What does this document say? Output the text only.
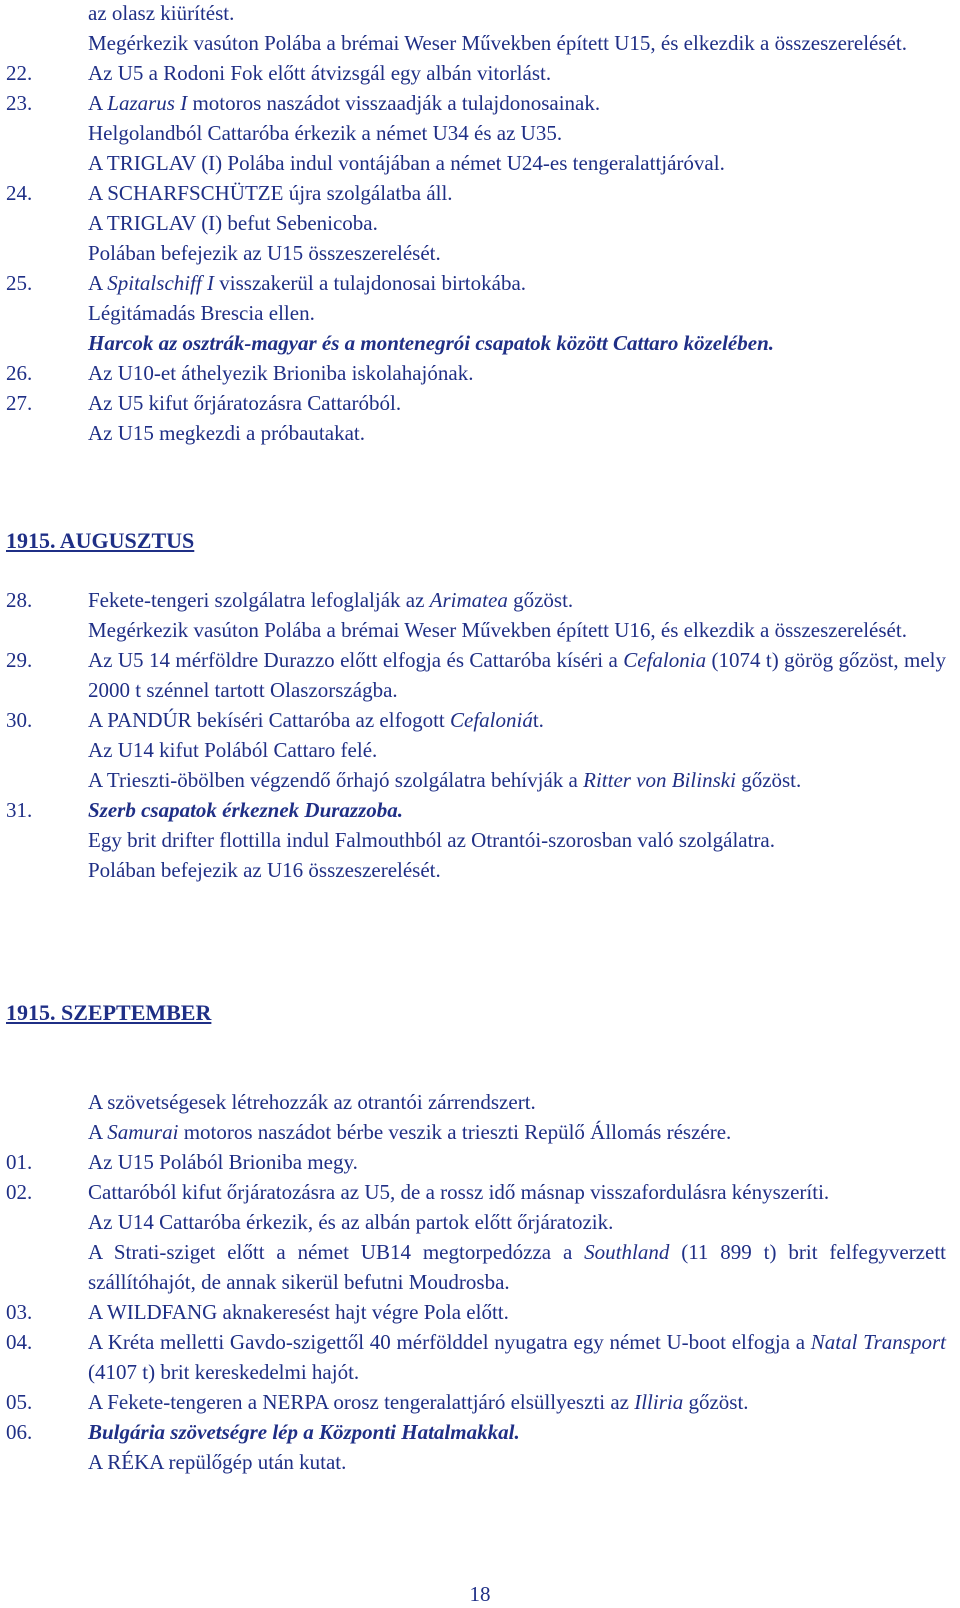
az olasz kiürítést.
Megérkezik vasúton Polába a brémai Weser Művekben épített U15, és elkezdik a összeszerelését.
22.	Az U5 a Rodoni Fok előtt átvizsgál egy albán vitorlást.
23.	A Lazarus I motoros naszádot visszaadják a tulajdonosainak.
Helgolandból Cattaróba érkezik a német U34 és az U35.
A TRIGLAV (I) Polába indul vontájában a német U24-es tengeralattjáróval.
24.	A SCHARFSCHÜTZE újra szolgálatba áll.
A TRIGLAV (I) befut Sebenicoba.
Polában befejezik az U15 összeszerelését.
25.	A Spitalschiff I visszakerül a tulajdonosai birtokába.
Légitámadás Brescia ellen.
Harcok az osztrák-magyar és a montenegrói csapatok között Cattaro közelében.
26.	Az U10-et áthelyezik Brioniba iskolahajónak.
27.	Az U5 kifut őrjáratozásra Cattaróból.
Az U15 megkezdi a próbautakat.
1915. AUGUSZTUS
28.	Fekete-tengeri szolgálatra lefoglalják az Arimatea gőzöst.
Megérkezik vasúton Polába a brémai Weser Művekben épített U16, és elkezdik a összeszerelését.
29.	Az U5 14 mérföldre Durazzo előtt elfogja és Cattaróba kíséri a Cefalonia (1074 t) görög gőzöst, mely 2000 t szénnel tartott Olaszországba.
30.	A PANDÚR bekíséri Cattaróba az elfogott Cefaloniát.
Az U14 kifut Polából Cattaro felé.
A Trieszti-öbölben végzendő őrhajó szolgálatra behívják a Ritter von Bilinski gőzöst.
31.	Szerb csapatok érkeznek Durazzoba.
Egy brit drifter flottilla indul Falmouthból az Otrantói-szorosban való szolgálatra.
Polában befejezik az U16 összeszerelését.
1915. SZEPTEMBER
A szövetségesek létrehozzák az otrantói zárrendszert.
A Samurai motoros naszádot bérbe veszik a trieszti Repülő Állomás részére.
01.	Az U15 Polából Brioniba megy.
02.	Cattaróból kifut őrjáratozásra az U5, de a rossz idő másnap visszafordulásra kényszeríti.
Az U14 Cattaróba érkezik, és az albán partok előtt őrjáratozik.
A Strati-sziget előtt a német UB14 megtorpedózza a Southland (11 899 t) brit felfegyverzett szállítóhajót, de annak sikerül befutni Moudrosba.
03.	A WILDFANG aknakeresést hajt végre Pola előtt.
04.	A Kréta melletti Gavdo-szigettől 40 mérfölddel nyugatra egy német U-boot elfogja a Natal Transport (4107 t) brit kereskedelmi hajót.
05.	A Fekete-tengeren a NERPA orosz tengeralattjáró elsüllyeszti az Illiria gőzöst.
06.	Bulgária szövetségre lép a Központi Hatalmakkal.
A RÉKA repülőgép után kutat.
18
